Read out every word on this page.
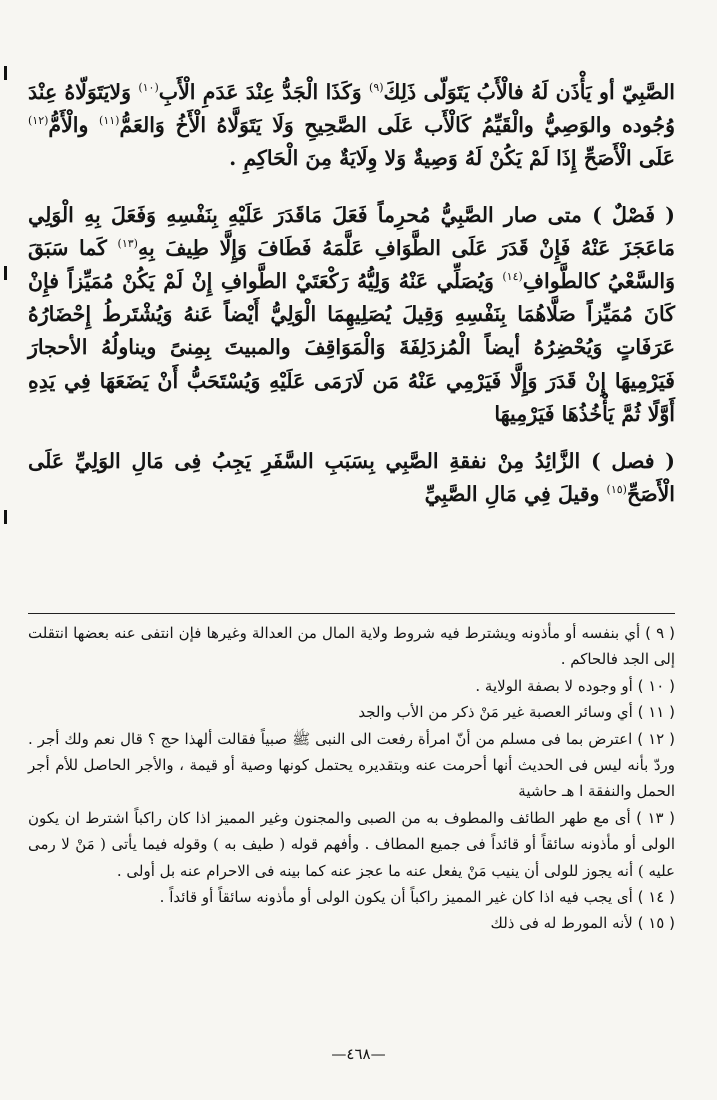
الصَّبِيّ أو يَأْذَن لَهُ فالْأَبُ يَتَوَلّى ذَلِكَ$^{(٩)}$ وَكَذَا الْجَدُّ عِنْدَ عَدَمِ الْأَبِ$^{(١٠)}$ وَلايَتَوَلّاهُ عِنْدَ وُجُوده والوَصِيُّ والْقَيِّمُ كَالْأَب عَلَى الصَّحِيحِ وَلَا يَتَوَلَّاهُ الْأَخُ وَالعَمُّ$^{(١١)}$ والْأَمُّ$^{(١٢)}$ عَلَى الْأَصَحِّ إِذَا لَمْ يَكُنْ لَهُ وَصِيةٌ وَلا وِلَايَةٌ مِنَ الْحَاكِمِ .

( فَصْلٌ ) متى صار الصَّبِيُّ مُحرِماً فَعَلَ مَاقَدَرَ عَلَيْهِ بِنَفْسِهِ وَفَعَلَ بِهِ الْوَلِي مَاعَجَزَ عَنْهُ فَإِنْ قَدَرَ عَلَى الطَّوَافِ عَلَّمَهُ فَطَافَ وَإِلَّا طِيفَ بِهِ$^{(١٣)}$ كَما سَبَقَ وَالسَّعْيُ كالطَّوافِ$^{(١٤)}$ وَيُصَلِّي عَنْهُ وَلِيُّهُ رَكْعَتَيْ الطَّوافِ إِنْ لَمْ يَكُنْ مُمَيِّزاً فإِنْ كَانَ مُمَيِّزاً صَلَّاهُمَا بِنَفْسِهِ وَقِيلَ يُصَلِيهِمَا الْوَلِيُّ أَيْضاً عَنهُ وَيُشْتَرطُ إِحْضَارُهُ عَرَفَاتٍ وَيُحْضِرُهُ أيضاً الْمُزدَلِفَةَ وَالْمَوَاقِفَ والمبيتَ بِمِنىً ويناولُهُ الأحجارَ فَيَرْمِيهَا إِنْ قَدَرَ وَإِلَّا فَيَرْمِي عَنْهُ مَن لَارَمَى عَلَيْهِ وَيُسْتَحَبُّ أَنْ يَضَعَهَا فِي يَدِهِ أَوَّلًا ثُمَّ يَأْخُذُهَا فَيَرْمِيهَا

( فصل ) الزَّائِدُ مِنْ نفقةِ الصَّبِي بِسَبَبِ السَّفَرِ يَجِبُ فِى مَالِ الوَلِيِّ عَلَى الْأَصَحِّ$^{(١٥)}$ وقيلَ فِي مَالِ الصَّبِيِّ

( ٩ ) أي بنفسه أو مأذونه ويشترط فيه شروط ولاية المال من العدالة وغيرها فإن انتفى عنه بعضها انتقلت إلى الجد فالحاكم .

( ١٠ ) أو وجوده لا بصفة الولاية .

( ١١ ) أي وسائر العصبة غير مَنْ ذكر من الأب والجد

( ١٢ ) اعترض بما فى مسلم من أنّ امرأة رفعت الى النبى ﷺ صبياً فقالت ألهذا حج ؟ قال نعم ولك أجر . وردّ بأنه ليس فى الحديث أنها أحرمت عنه وبتقديره يحتمل كونها وصية أو قيمة ، والأجر الحاصل للأم أجر الحمل والنفقة ا هـ حاشية

( ١٣ ) أى مع طهر الطائف والمطوف به من الصبى والمجنون وغير المميز اذا كان راكباً اشترط ان يكون الولى أو مأذونه سائقاً أو قائداً فى جميع المطاف . وأفهم قوله ( طيف به ) وقوله فيما يأتى ( مَنْ لا رمى عليه ) أنه يجوز للولى أن ينيب مَنْ يفعل عنه ما عجز عنه كما بينه فى الاحرام عنه بل أولى .

( ١٤ ) أى يجب فيه اذا كان غير المميز راكباً أن يكون الولى أو مأذونه سائقاً أو قائداً .

( ١٥ ) لأنه المورط له فى ذلك

—٤٦٨—
